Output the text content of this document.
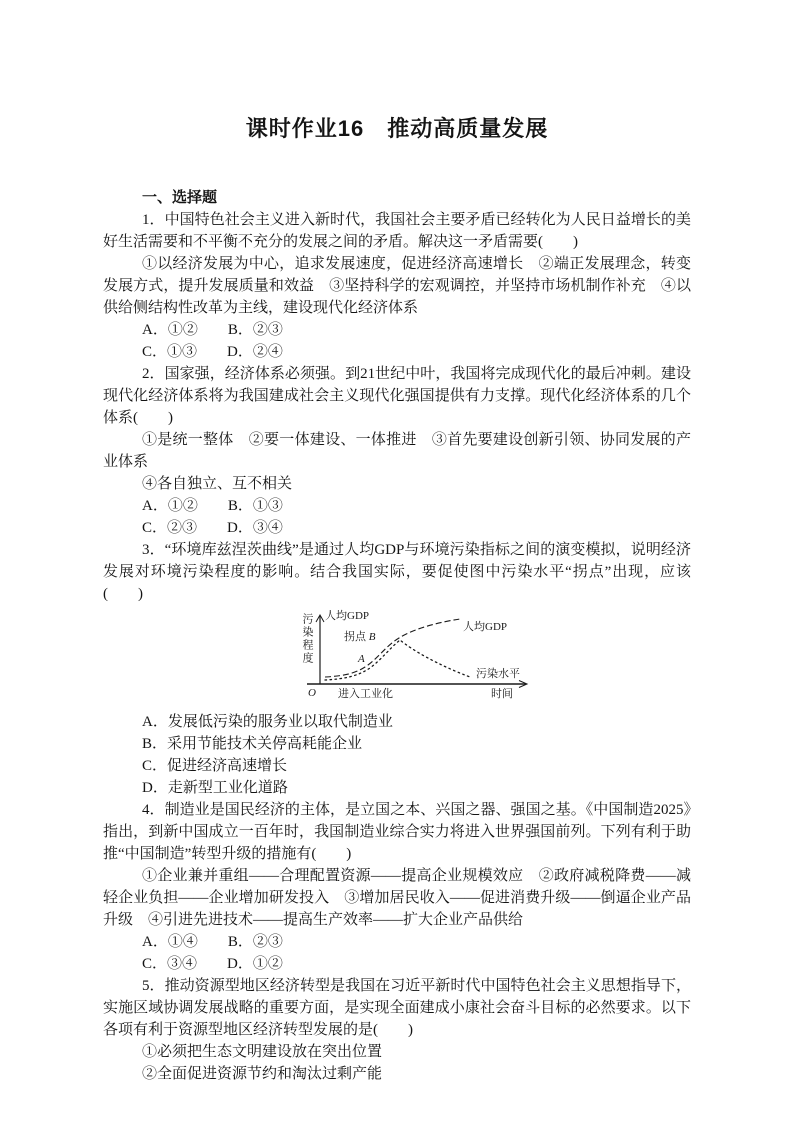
课时作业16　推动高质量发展

一、选择题

1．中国特色社会主义进入新时代，我国社会主要矛盾已经转化为人民日益增长的美好生活需要和不平衡不充分的发展之间的矛盾。解决这一矛盾需要(　　)

①以经济发展为中心，追求发展速度，促进经济高速增长　②端正发展理念，转变发展方式，提升发展质量和效益　③坚持科学的宏观调控，并坚持市场机制作补充　④以供给侧结构性改革为主线，建设现代化经济体系

A．①②　　B．②③

C．①③　　D．②④

2．国家强，经济体系必须强。到21世纪中叶，我国将完成现代化的最后冲刺。建设现代化经济体系将为我国建成社会主义现代化强国提供有力支撑。现代化经济体系的几个体系(　　)

①是统一整体　②要一体建设、一体推进　③首先要建设创新引领、协同发展的产业体系

④各自独立、互不相关

A．①②　　B．①③

C．②③　　D．③④

3．“环境库兹涅茨曲线”是通过人均GDP与环境污染指标之间的演变模拟，说明经济发展对环境污染程度的影响。结合我国实际，要促使图中污染水平“拐点”出现，应该(　　)

污染程度 人均GDP
拐点 B
A
人均GDP
污染水平
O 进入工业化	时间

A．发展低污染的服务业以取代制造业

B．采用节能技术关停高耗能企业

C．促进经济高速增长

D．走新型工业化道路

4．制造业是国民经济的主体，是立国之本、兴国之器、强国之基。《中国制造2025》指出，到新中国成立一百年时，我国制造业综合实力将进入世界强国前列。下列有利于助推“中国制造”转型升级的措施有(　　)

①企业兼并重组——合理配置资源——提高企业规模效应　②政府减税降费——减轻企业负担——企业增加研发投入　③增加居民收入——促进消费升级——倒逼企业产品升级　④引进先进技术——提高生产效率——扩大企业产品供给

A．①④　　B．②③

C．③④　　D．①②

5．推动资源型地区经济转型是我国在习近平新时代中国特色社会主义思想指导下，实施区域协调发展战略的重要方面，是实现全面建成小康社会奋斗目标的必然要求。以下各项有利于资源型地区经济转型发展的是(　　)

①必须把生态文明建设放在突出位置

②全面促进资源节约和淘汰过剩产能
